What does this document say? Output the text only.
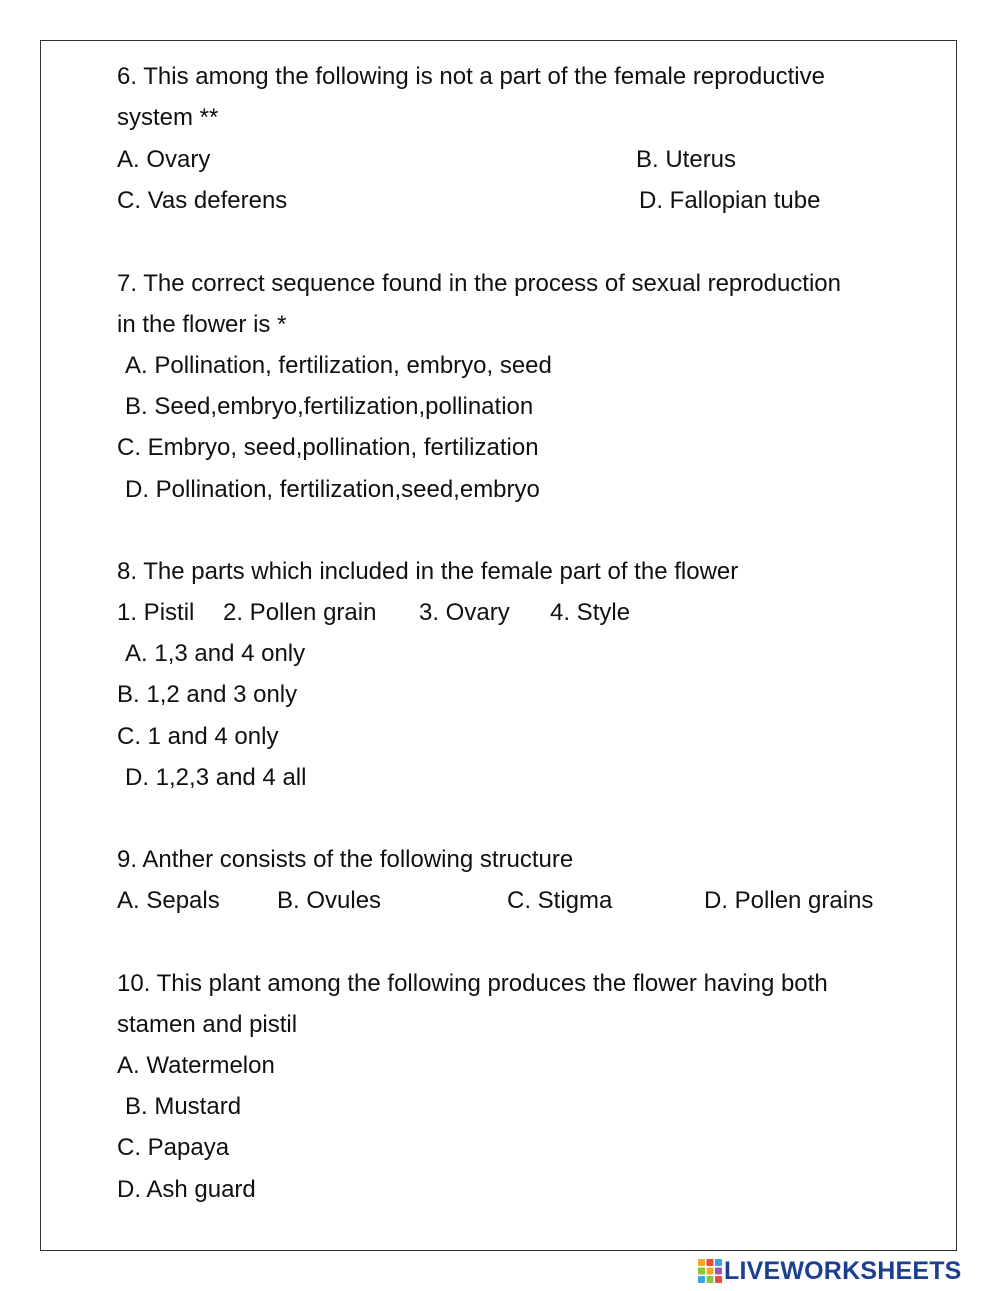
6. This among the following is not a part of the female reproductive
system **
A. Ovary	B. Uterus
C. Vas deferens	D. Fallopian tube
7. The correct sequence found in the process of sexual reproduction
in the flower is *
A. Pollination, fertilization, embryo, seed
B. Seed,embryo,fertilization,pollination
C. Embryo, seed,pollination, fertilization
D. Pollination, fertilization,seed,embryo
8. The parts which included in the female part of the flower
1. Pistil 2. Pollen grain 3. Ovary 4. Style
A. 1,3 and 4 only
B. 1,2 and 3 only
C. 1 and 4 only
D. 1,2,3 and 4 all
9. Anther consists of the following structure
A. Sepals B. Ovules	C. Stigma	D. Pollen grains
10. This plant among the following produces the flower having both
stamen and pistil
A. Watermelon
B. Mustard
C. Papaya
D. Ash guard
LIVEWORKSHEETS
